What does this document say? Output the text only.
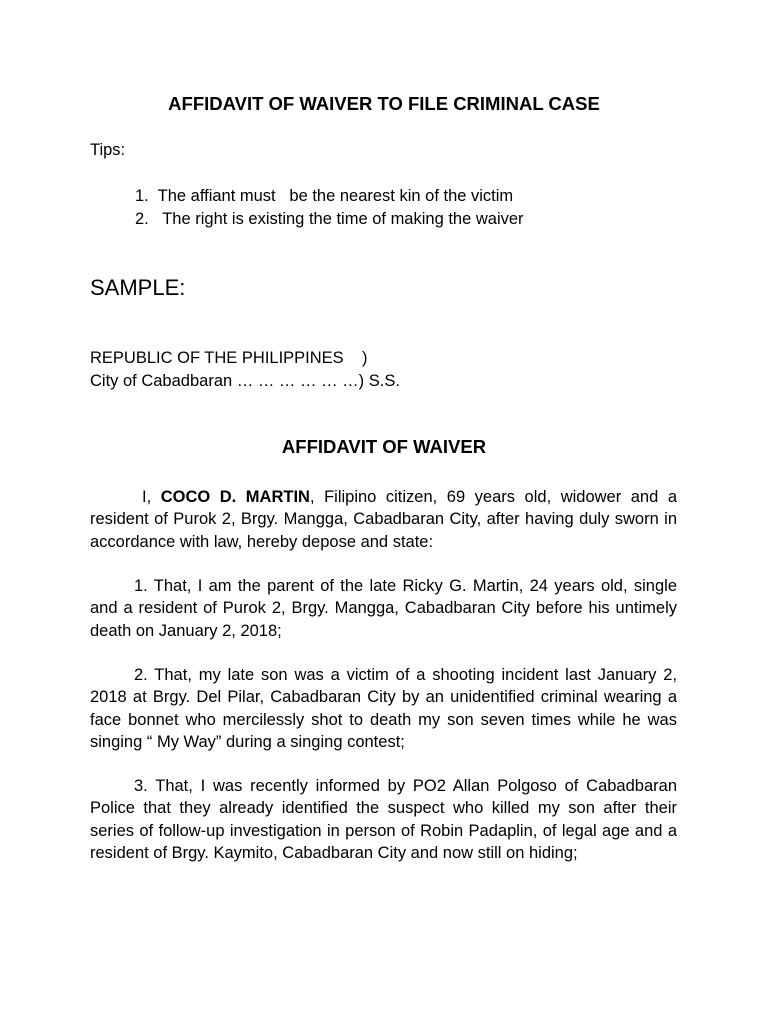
AFFIDAVIT OF WAIVER TO FILE CRIMINAL CASE
Tips:
1.  The affiant must   be the nearest kin of the victim
2.   The right is existing the time of making the waiver
SAMPLE:
REPUBLIC OF THE PHILIPPINES    )
City of Cabadbaran … … … … … …) S.S.
AFFIDAVIT OF WAIVER

I, COCO D. MARTIN, Filipino citizen, 69 years old, widower and a resident of Purok 2, Brgy. Mangga, Cabadbaran City, after having duly sworn in accordance with law, hereby depose and state:

1. That, I am the parent of the late Ricky G. Martin, 24 years old, single and a resident of Purok 2, Brgy. Mangga, Cabadbaran City before his untimely death on January 2, 2018;

2. That, my late son was a victim of a shooting incident last January 2, 2018 at Brgy. Del Pilar, Cabadbaran City by an unidentified criminal wearing a face bonnet who mercilessly shot to death my son seven times while he was singing “ My Way” during a singing contest;

3. That, I was recently informed by PO2 Allan Polgoso of Cabadbaran Police that they already identified the suspect who killed my son after their series of follow-up investigation in person of Robin Padaplin, of legal age and a resident of Brgy. Kaymito, Cabadbaran City and now still on hiding;
